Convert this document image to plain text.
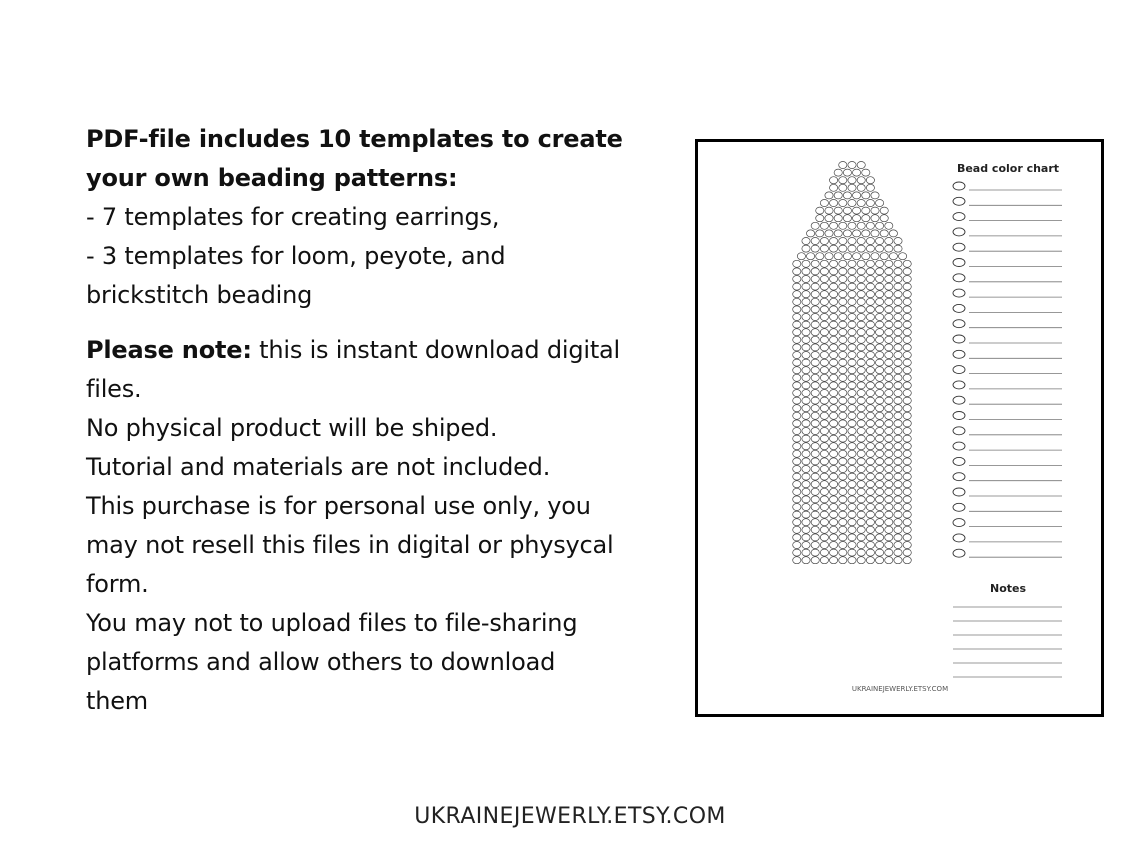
PDF-file includes 10 templates to create
your own beading patterns:
- 7 templates for creating earrings,
- 3 templates for loom, peyote, and
brickstitch beading

Please note: this is instant download digital
files.
No physical product will be shiped.
Tutorial and materials are not included.
This purchase is for personal use only, you
may not resell this files in digital or physycal
form.
You may not to upload files to file-sharing
platforms and allow others to download
them

Bead color chart
Notes
UKRAINEJEWERLY.ETSY.COM
UKRAINEJEWERLY.ETSY.COM
